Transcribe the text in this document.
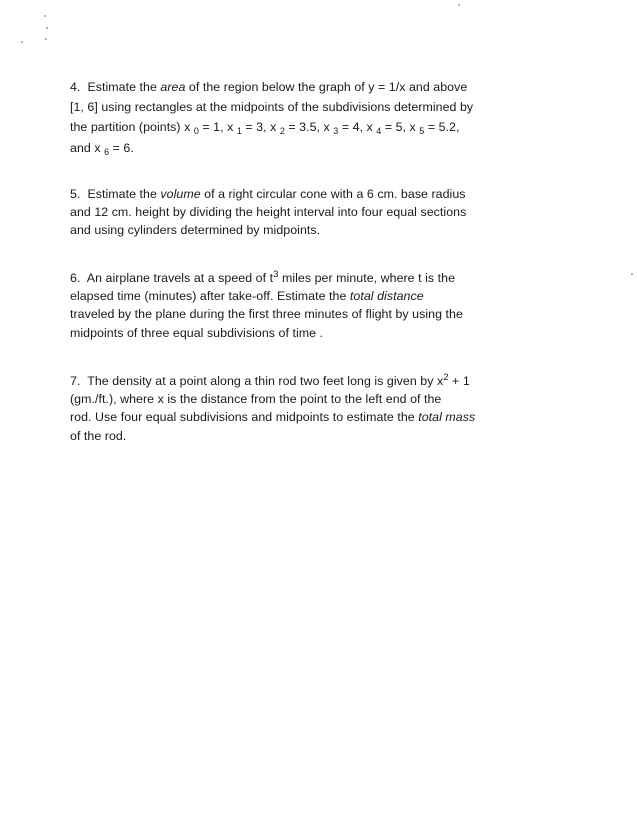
4. Estimate the area of the region below the graph of y = 1/x and above
[1, 6] using rectangles at the midpoints of the subdivisions determined by
the partition (points) x $_0$ = 1, x $_1$ = 3, x $_2$ = 3.5, x $_3$ = 4, x $_4$ = 5, x $_5$ = 5.2,
and x $_6$ = 6.
5. Estimate the volume of a right circular cone with a 6 cm. base radius
and 12 cm. height by dividing the height interval into four equal sections
and using cylinders determined by midpoints.
6. An airplane travels at a speed of $t^3$ miles per minute, where t is the
elapsed time (minutes) after take-off. Estimate the total distance
traveled by the plane during the first three minutes of flight by using the
midpoints of three equal subdivisions of time .
7. The density at a point along a thin rod two feet long is given by $x^2 + 1$
(gm./ft.), where x is the distance from the point to the left end of the
rod. Use four equal subdivisions and midpoints to estimate the total mass
of the rod.
